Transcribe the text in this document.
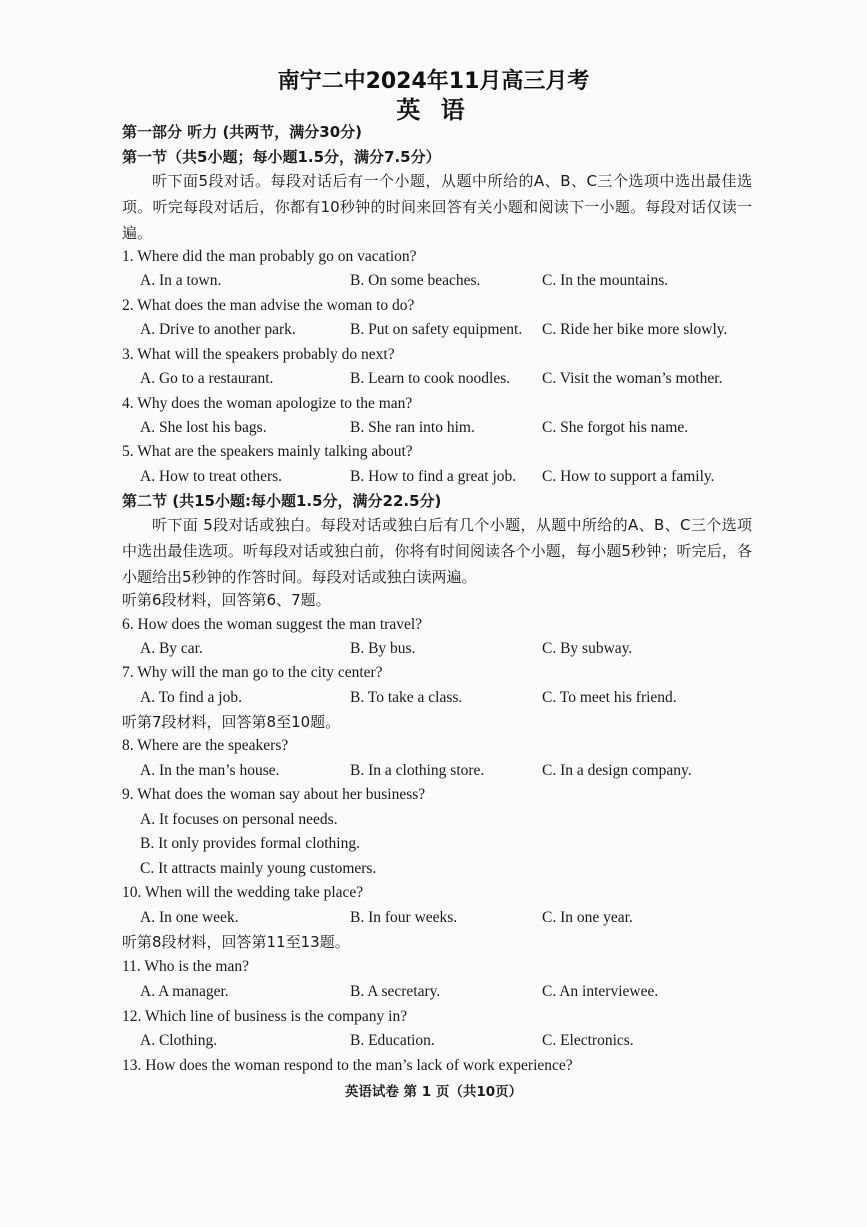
南宁二中2024年11月高三月考
英 语
第一部分 听力 (共两节，满分30分)
第一节（共5小题；每小题1.5分，满分7.5分）
听下面5段对话。每段对话后有一个小题，从题中所给的A、B、C三个选项中选出最佳选项。听完每段对话后，你都有10秒钟的时间来回答有关小题和阅读下一小题。每段对话仅读一遍。
1. Where did the man probably go on vacation?
A. In a town.	B. On some beaches.	C. In the mountains.
2. What does the man advise the woman to do?
A. Drive to another park.	B. Put on safety equipment. C. Ride her bike more slowly.
3. What will the speakers probably do next?
A. Go to a restaurant.	B. Learn to cook noodles. C. Visit the woman’s mother.
4. Why does the woman apologize to the man?
A. She lost his bags.	B. She ran into him.	C. She forgot his name.
5. What are the speakers mainly talking about?
A. How to treat others.	B. How to find a great job. C. How to support a family.
第二节 (共15小题:每小题1.5分，满分22.5分)
听下面 5段对话或独白。每段对话或独白后有几个小题，从题中所给的A、B、C三个选项中选出最佳选项。听每段对话或独白前，你将有时间阅读各个小题，每小题5秒钟；听完后，各小题给出5秒钟的作答时间。每段对话或独白读两遍。
听第6段材料，回答第6、7题。
6. How does the woman suggest the man travel?
A. By car.	B. By bus.	C. By subway.
7. Why will the man go to the city center?
A. To find a job.	B. To take a class.	C. To meet his friend.
听第7段材料，回答第8至10题。
8. Where are the speakers?
A. In the man’s house.	B. In a clothing store.	C. In a design company.
9. What does the woman say about her business?
A. It focuses on personal needs.
B. It only provides formal clothing.
C. It attracts mainly young customers.
10. When will the wedding take place?
A. In one week.	B. In four weeks.	C. In one year.
听第8段材料，回答第11至13题。
11. Who is the man?
A. A manager.	B. A secretary.	C. An interviewee.
12. Which line of business is the company in?
A. Clothing.	B. Education.	C. Electronics.
13. How does the woman respond to the man’s lack of work experience?
英语试卷 第 1 页（共10页）
